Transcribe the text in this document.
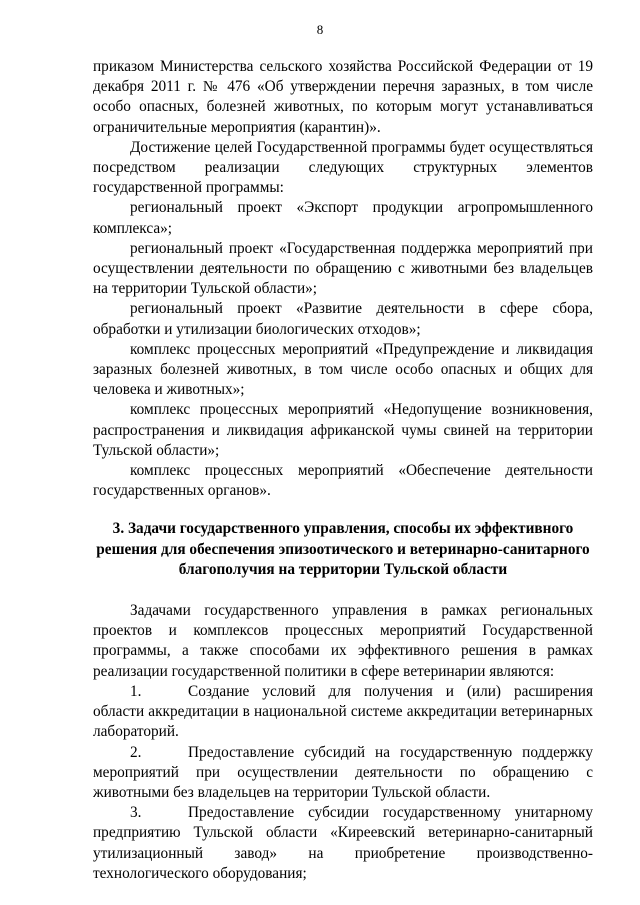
8

приказом Министерства сельского хозяйства Российской Федерации от 19 декабря 2011 г. № 476 «Об утверждении перечня заразных, в том числе особо опасных, болезней животных, по которым могут устанавливаться ограничительные мероприятия (карантин)».

Достижение целей Государственной программы будет осуществляться посредством реализации следующих структурных элементов государственной программы:

региональный проект «Экспорт продукции агропромышленного комплекса»;

региональный проект «Государственная поддержка мероприятий при осуществлении деятельности по обращению с животными без владельцев на территории Тульской области»;

региональный проект «Развитие деятельности в сфере сбора, обработки и утилизации биологических отходов»;

комплекс процессных мероприятий «Предупреждение и ликвидация заразных болезней животных, в том числе особо опасных и общих для человека и животных»;

комплекс процессных мероприятий «Недопущение возникновения, распространения и ликвидация африканской чумы свиней на территории Тульской области»;

комплекс процессных мероприятий «Обеспечение деятельности государственных органов».

3. Задачи государственного управления, способы их эффективного решения для обеспечения эпизоотического и ветеринарно-санитарного благополучия на территории Тульской области

Задачами государственного управления в рамках региональных проектов и комплексов процессных мероприятий Государственной программы, а также способами их эффективного решения в рамках реализации государственной политики в сфере ветеринарии являются:

1.	Создание условий для получения и (или) расширения области аккредитации в национальной системе аккредитации ветеринарных лабораторий.

2.	Предоставление субсидий на государственную поддержку мероприятий при осуществлении деятельности по обращению с животными без владельцев на территории Тульской области.

3.	Предоставление субсидии государственному унитарному предприятию Тульской области «Киреевский ветеринарно-санитарный утилизационный завод» на приобретение производственно-технологического оборудования;
